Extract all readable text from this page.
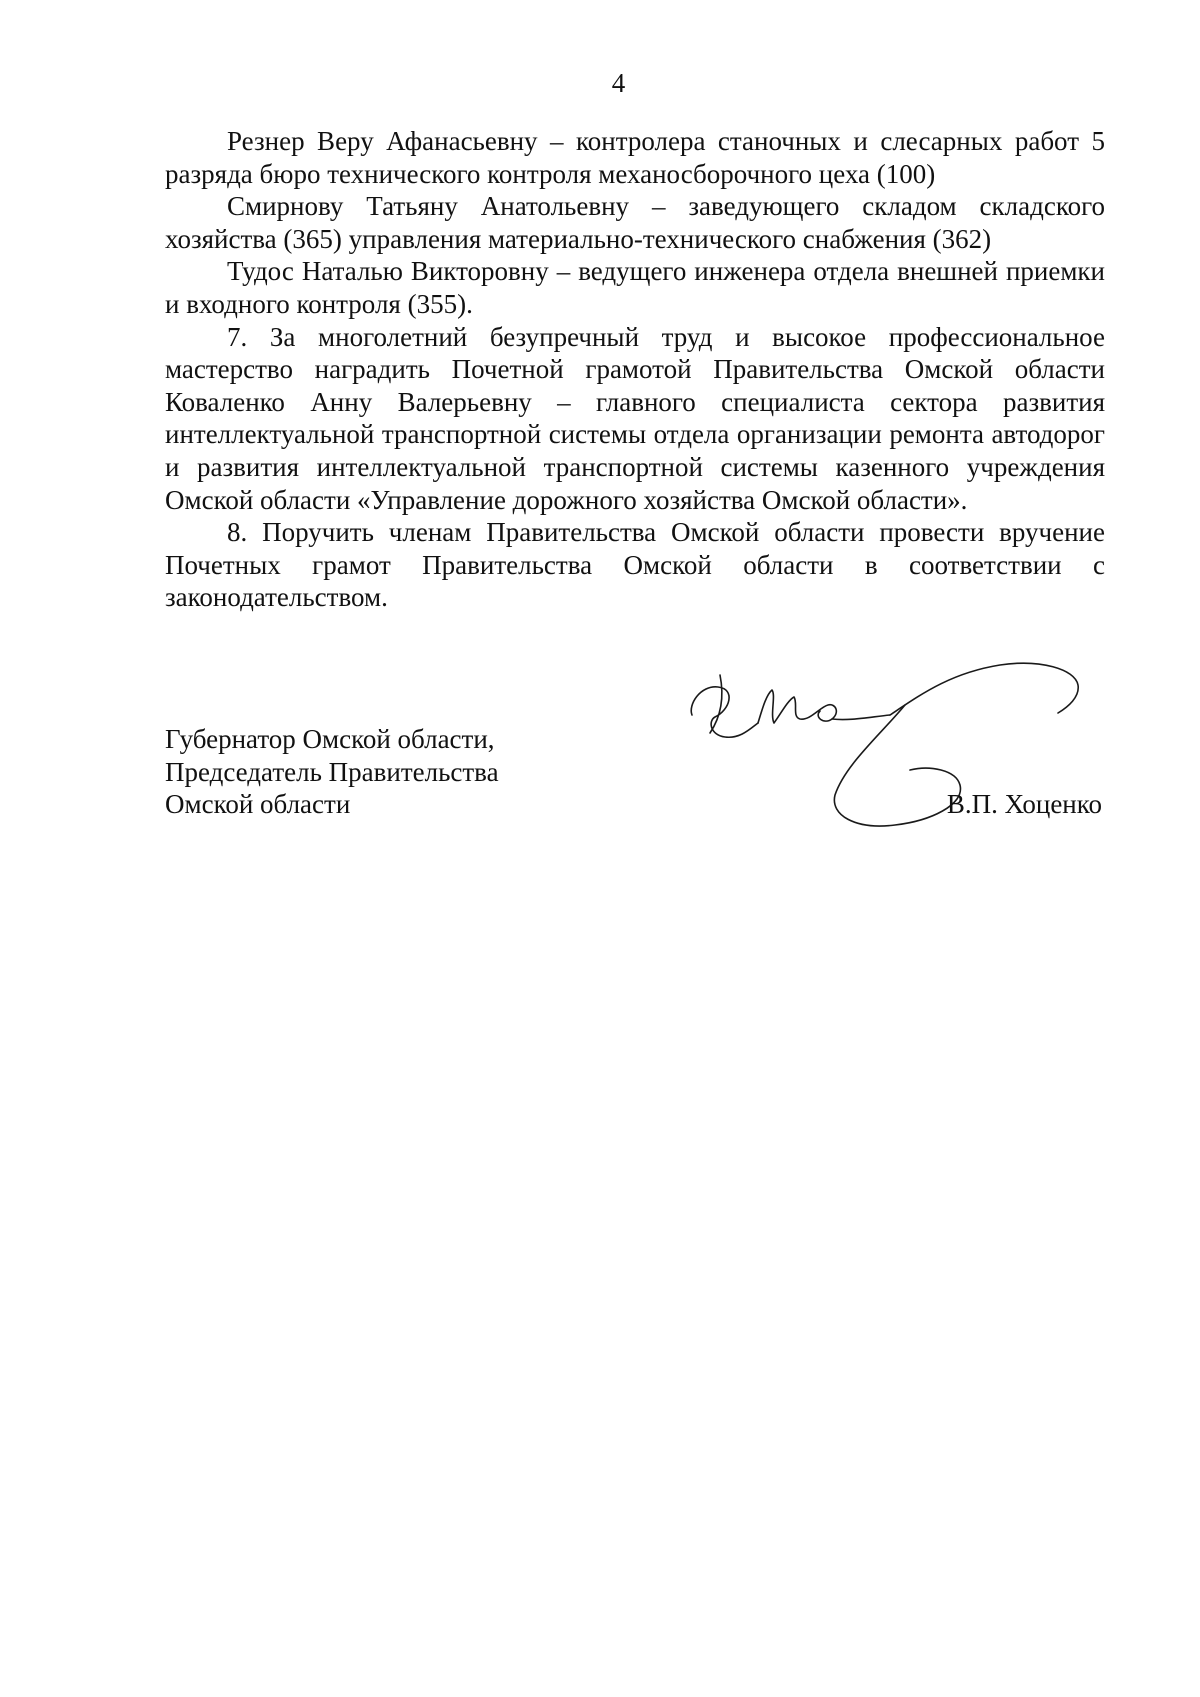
4

Резнер Веру Афанасьевну – контролера станочных и слесарных работ 5 разряда бюро технического контроля механосборочного цеха (100)

Смирнову Татьяну Анатольевну – заведующего складом складского хозяйства (365) управления материально-технического снабжения (362)

Тудос Наталью Викторовну – ведущего инженера отдела внешней приемки и входного контроля (355).

7. За многолетний безупречный труд и высокое профессиональное мастерство наградить Почетной грамотой Правительства Омской области Коваленко Анну Валерьевну – главного специалиста сектора развития интеллектуальной транспортной системы отдела организации ремонта автодорог и развития интеллектуальной транспортной системы казенного учреждения Омской области «Управление дорожного хозяйства Омской области».

8. Поручить членам Правительства Омской области провести вручение Почетных грамот Правительства Омской области в соответствии с законодательством.

Губернатор Омской области,
Председатель Правительства
Омской области	В.П. Хоценко
